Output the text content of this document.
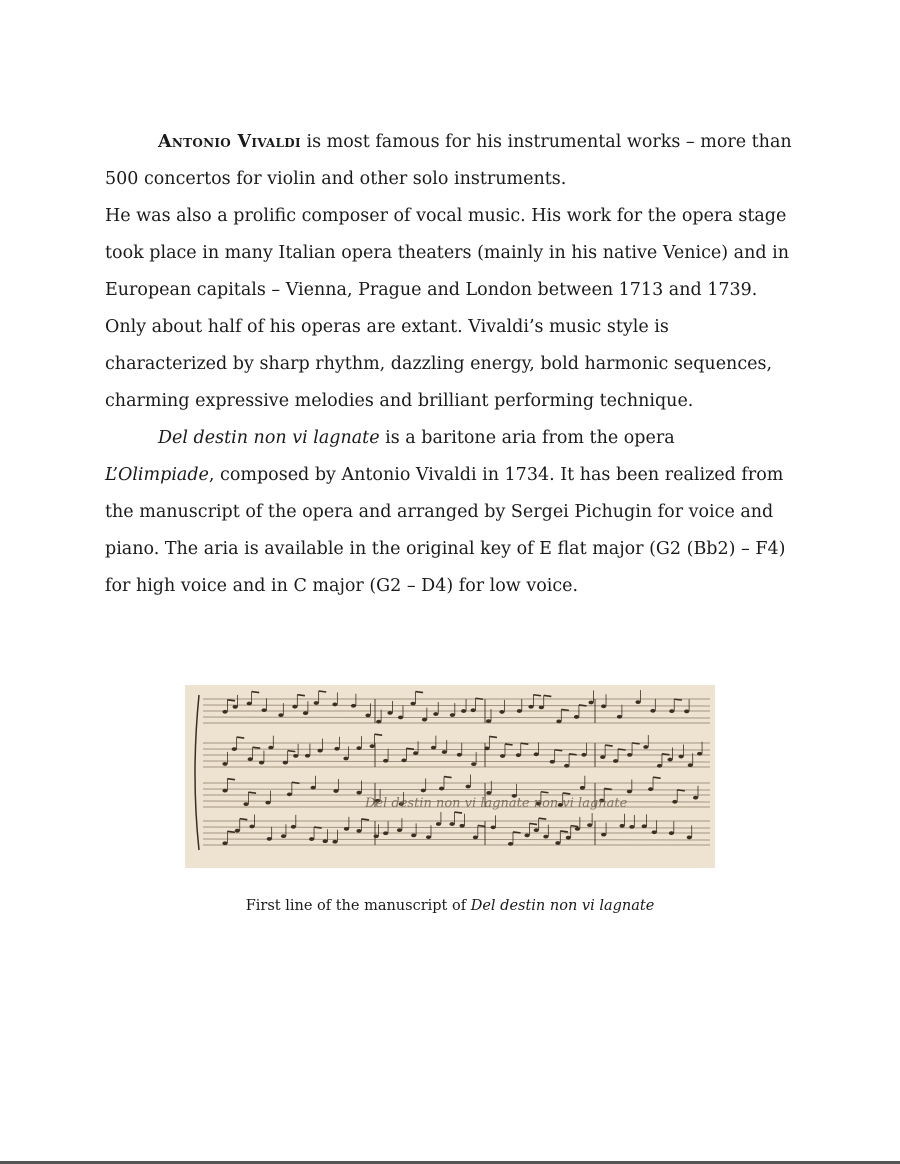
Antonio Vivaldi is most famous for his instrumental works – more than 500 concertos for violin and other solo instruments.

He was also a prolific composer of vocal music. His work for the opera stage took place in many Italian opera theaters (mainly in his native Venice) and in European capitals – Vienna, Prague and London between 1713 and 1739. Only about half of his operas are extant. Vivaldi’s music style is characterized by sharp rhythm, dazzling energy, bold harmonic sequences, charming expressive melodies and brilliant performing technique.

Del destin non vi lagnate is a baritone aria from the opera
L’Olimpiade, composed by Antonio Vivaldi in 1734. It has been realized from the manuscript of the opera and arranged by Sergei Pichugin for voice and piano. The aria is available in the original key of E flat major (G2 (Bb2) – F4) for high voice and in C major (G2 – D4) for low voice.

Del destin non vi lagnate non vi lagnate
First line of the manuscript of Del destin non vi lagnate
